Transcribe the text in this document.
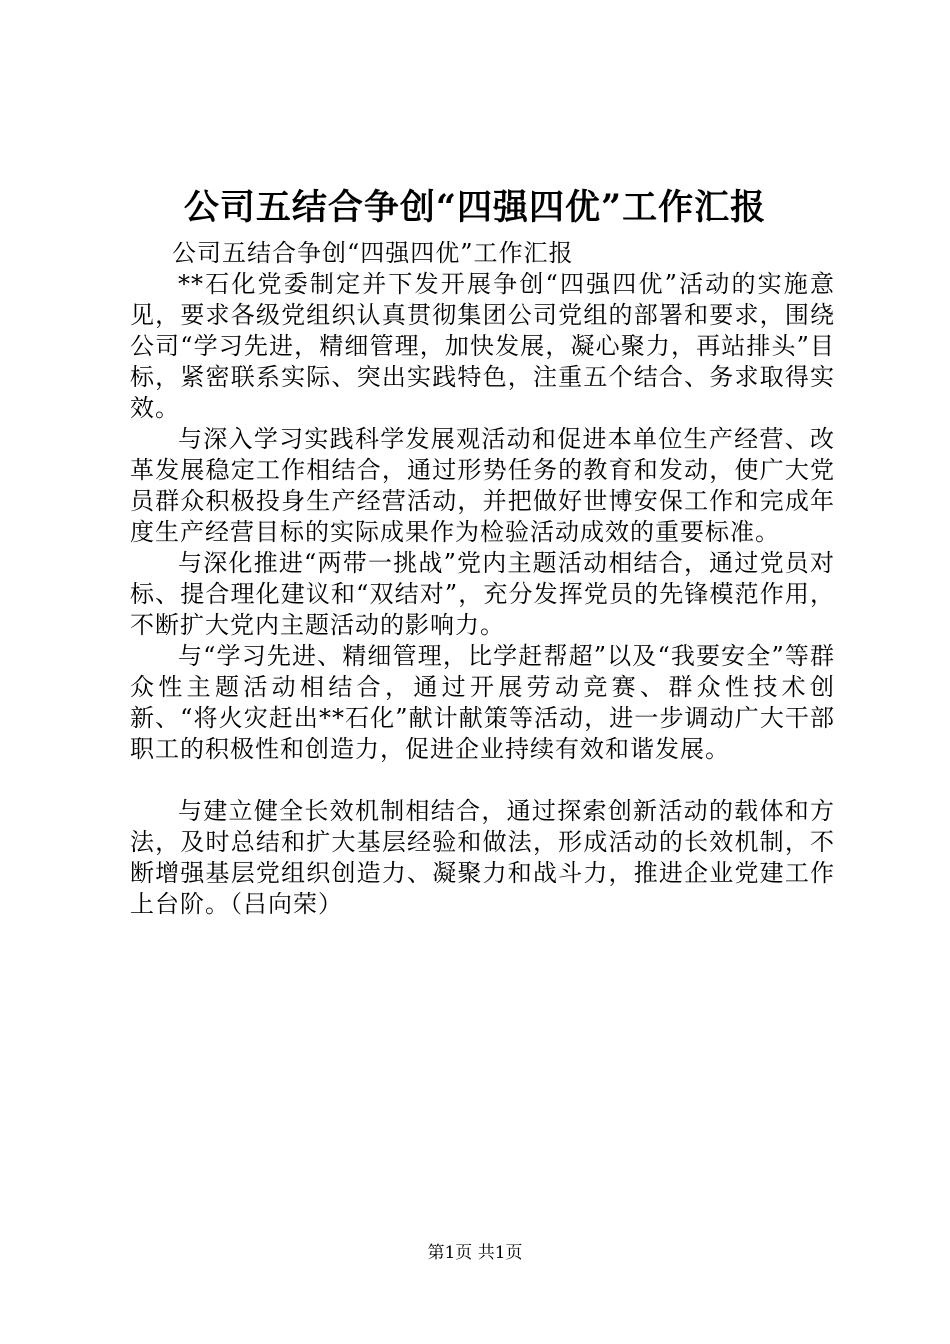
公司五结合争创“四强四优”工作汇报

公司五结合争创“四强四优”工作汇报

**石化党委制定并下发开展争创“四强四优”活动的实施意见，要求各级党组织认真贯彻集团公司党组的部署和要求，围绕公司“学习先进，精细管理，加快发展，凝心聚力，再站排头”目标，紧密联系实际、突出实践特色，注重五个结合、务求取得实效。

与深入学习实践科学发展观活动和促进本单位生产经营、改革发展稳定工作相结合，通过形势任务的教育和发动，使广大党员群众积极投身生产经营活动，并把做好世博安保工作和完成年度生产经营目标的实际成果作为检验活动成效的重要标准。

与深化推进“两带一挑战”党内主题活动相结合，通过党员对标、提合理化建议和“双结对”，充分发挥党员的先锋模范作用，不断扩大党内主题活动的影响力。

与“学习先进、精细管理，比学赶帮超”以及“我要安全”等群众性主题活动相结合，通过开展劳动竞赛、群众性技术创新、“将火灾赶出**石化”献计献策等活动，进一步调动广大干部职工的积极性和创造力，促进企业持续有效和谐发展。

与建立健全长效机制相结合，通过探索创新活动的载体和方法，及时总结和扩大基层经验和做法，形成活动的长效机制，不断增强基层党组织创造力、凝聚力和战斗力，推进企业党建工作上台阶。（吕向荣）

第1页 共1页
